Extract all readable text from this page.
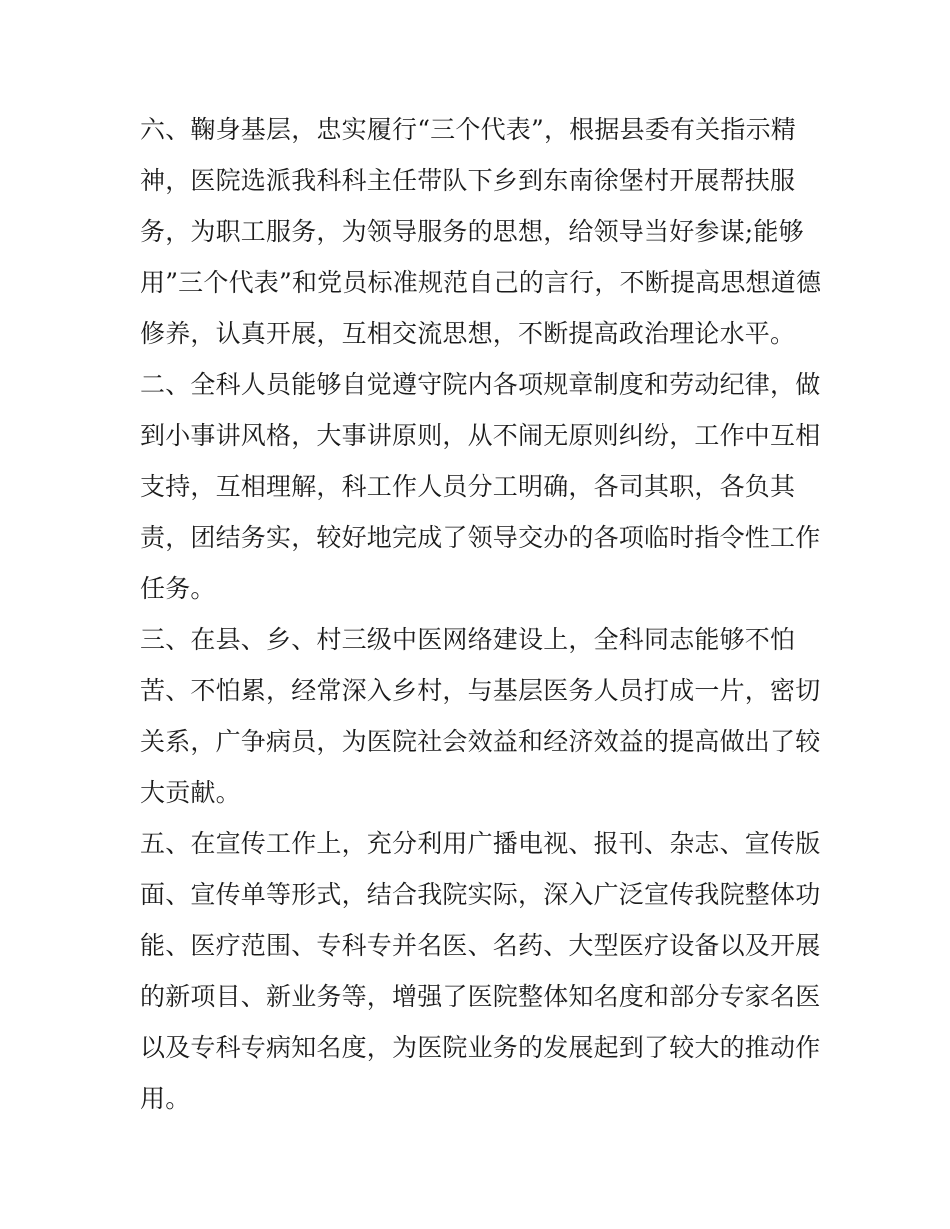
六、鞠身基层，忠实履行“三个代表”，根据县委有关指示精
神，医院选派我科科主任带队下乡到东南徐堡村开展帮扶服
务，为职工服务，为领导服务的思想，给领导当好参谋;能够
用”三个代表”和党员标准规范自己的言行，不断提高思想道德
修养，认真开展，互相交流思想，不断提高政治理论水平。
二、全科人员能够自觉遵守院内各项规章制度和劳动纪律，做
到小事讲风格，大事讲原则，从不闹无原则纠纷，工作中互相
支持，互相理解，科工作人员分工明确，各司其职，各负其
责，团结务实，较好地完成了领导交办的各项临时指令性工作
任务。
三、在县、乡、村三级中医网络建设上，全科同志能够不怕
苦、不怕累，经常深入乡村，与基层医务人员打成一片，密切
关系，广争病员，为医院社会效益和经济效益的提高做出了较
大贡献。
五、在宣传工作上，充分利用广播电视、报刊、杂志、宣传版
面、宣传单等形式，结合我院实际，深入广泛宣传我院整体功
能、医疗范围、专科专并名医、名药、大型医疗设备以及开展
的新项目、新业务等，增强了医院整体知名度和部分专家名医
以及专科专病知名度，为医院业务的发展起到了较大的推动作
用。
